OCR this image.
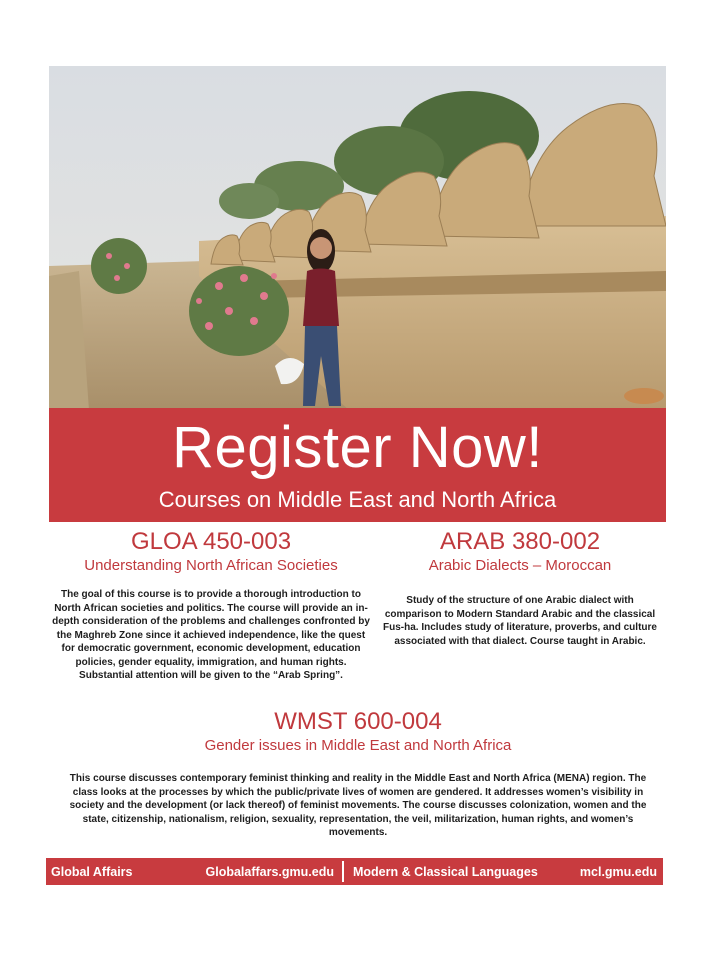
Register Now!
Courses on Middle East and North Africa
GLOA 450-003
Understanding North African Societies
The goal of this course is to provide a thorough introduction to North African societies and politics. The course will provide an in-depth consideration of the problems and challenges confronted by the Maghreb Zone since it achieved independence, like the quest for democratic government, economic development, education policies, gender equality, immigration, and human rights. Substantial attention will be given to the “Arab Spring”.
ARAB 380-002
Arabic Dialects – Moroccan
Study of the structure of one Arabic dialect with comparison to Modern Standard Arabic and the classical Fus-ha. Includes study of literature, proverbs, and culture associated with that dialect. Course taught in Arabic.
WMST 600-004
Gender issues in Middle East and North Africa
This course discusses contemporary feminist thinking and reality in the Middle East and North Africa (MENA) region. The class looks at the processes by which the public/private lives of women are gendered. It addresses women’s visibility in society and the development (or lack thereof) of feminist movements. The course discusses colonization, women and the state, citizenship, nationalism, religion, sexuality, representation, the veil, militarization, human rights, and women’s movements.
Global Affairs	Globalaffars.gmu.edu Modern & Classical Languages	mcl.gmu.edu
